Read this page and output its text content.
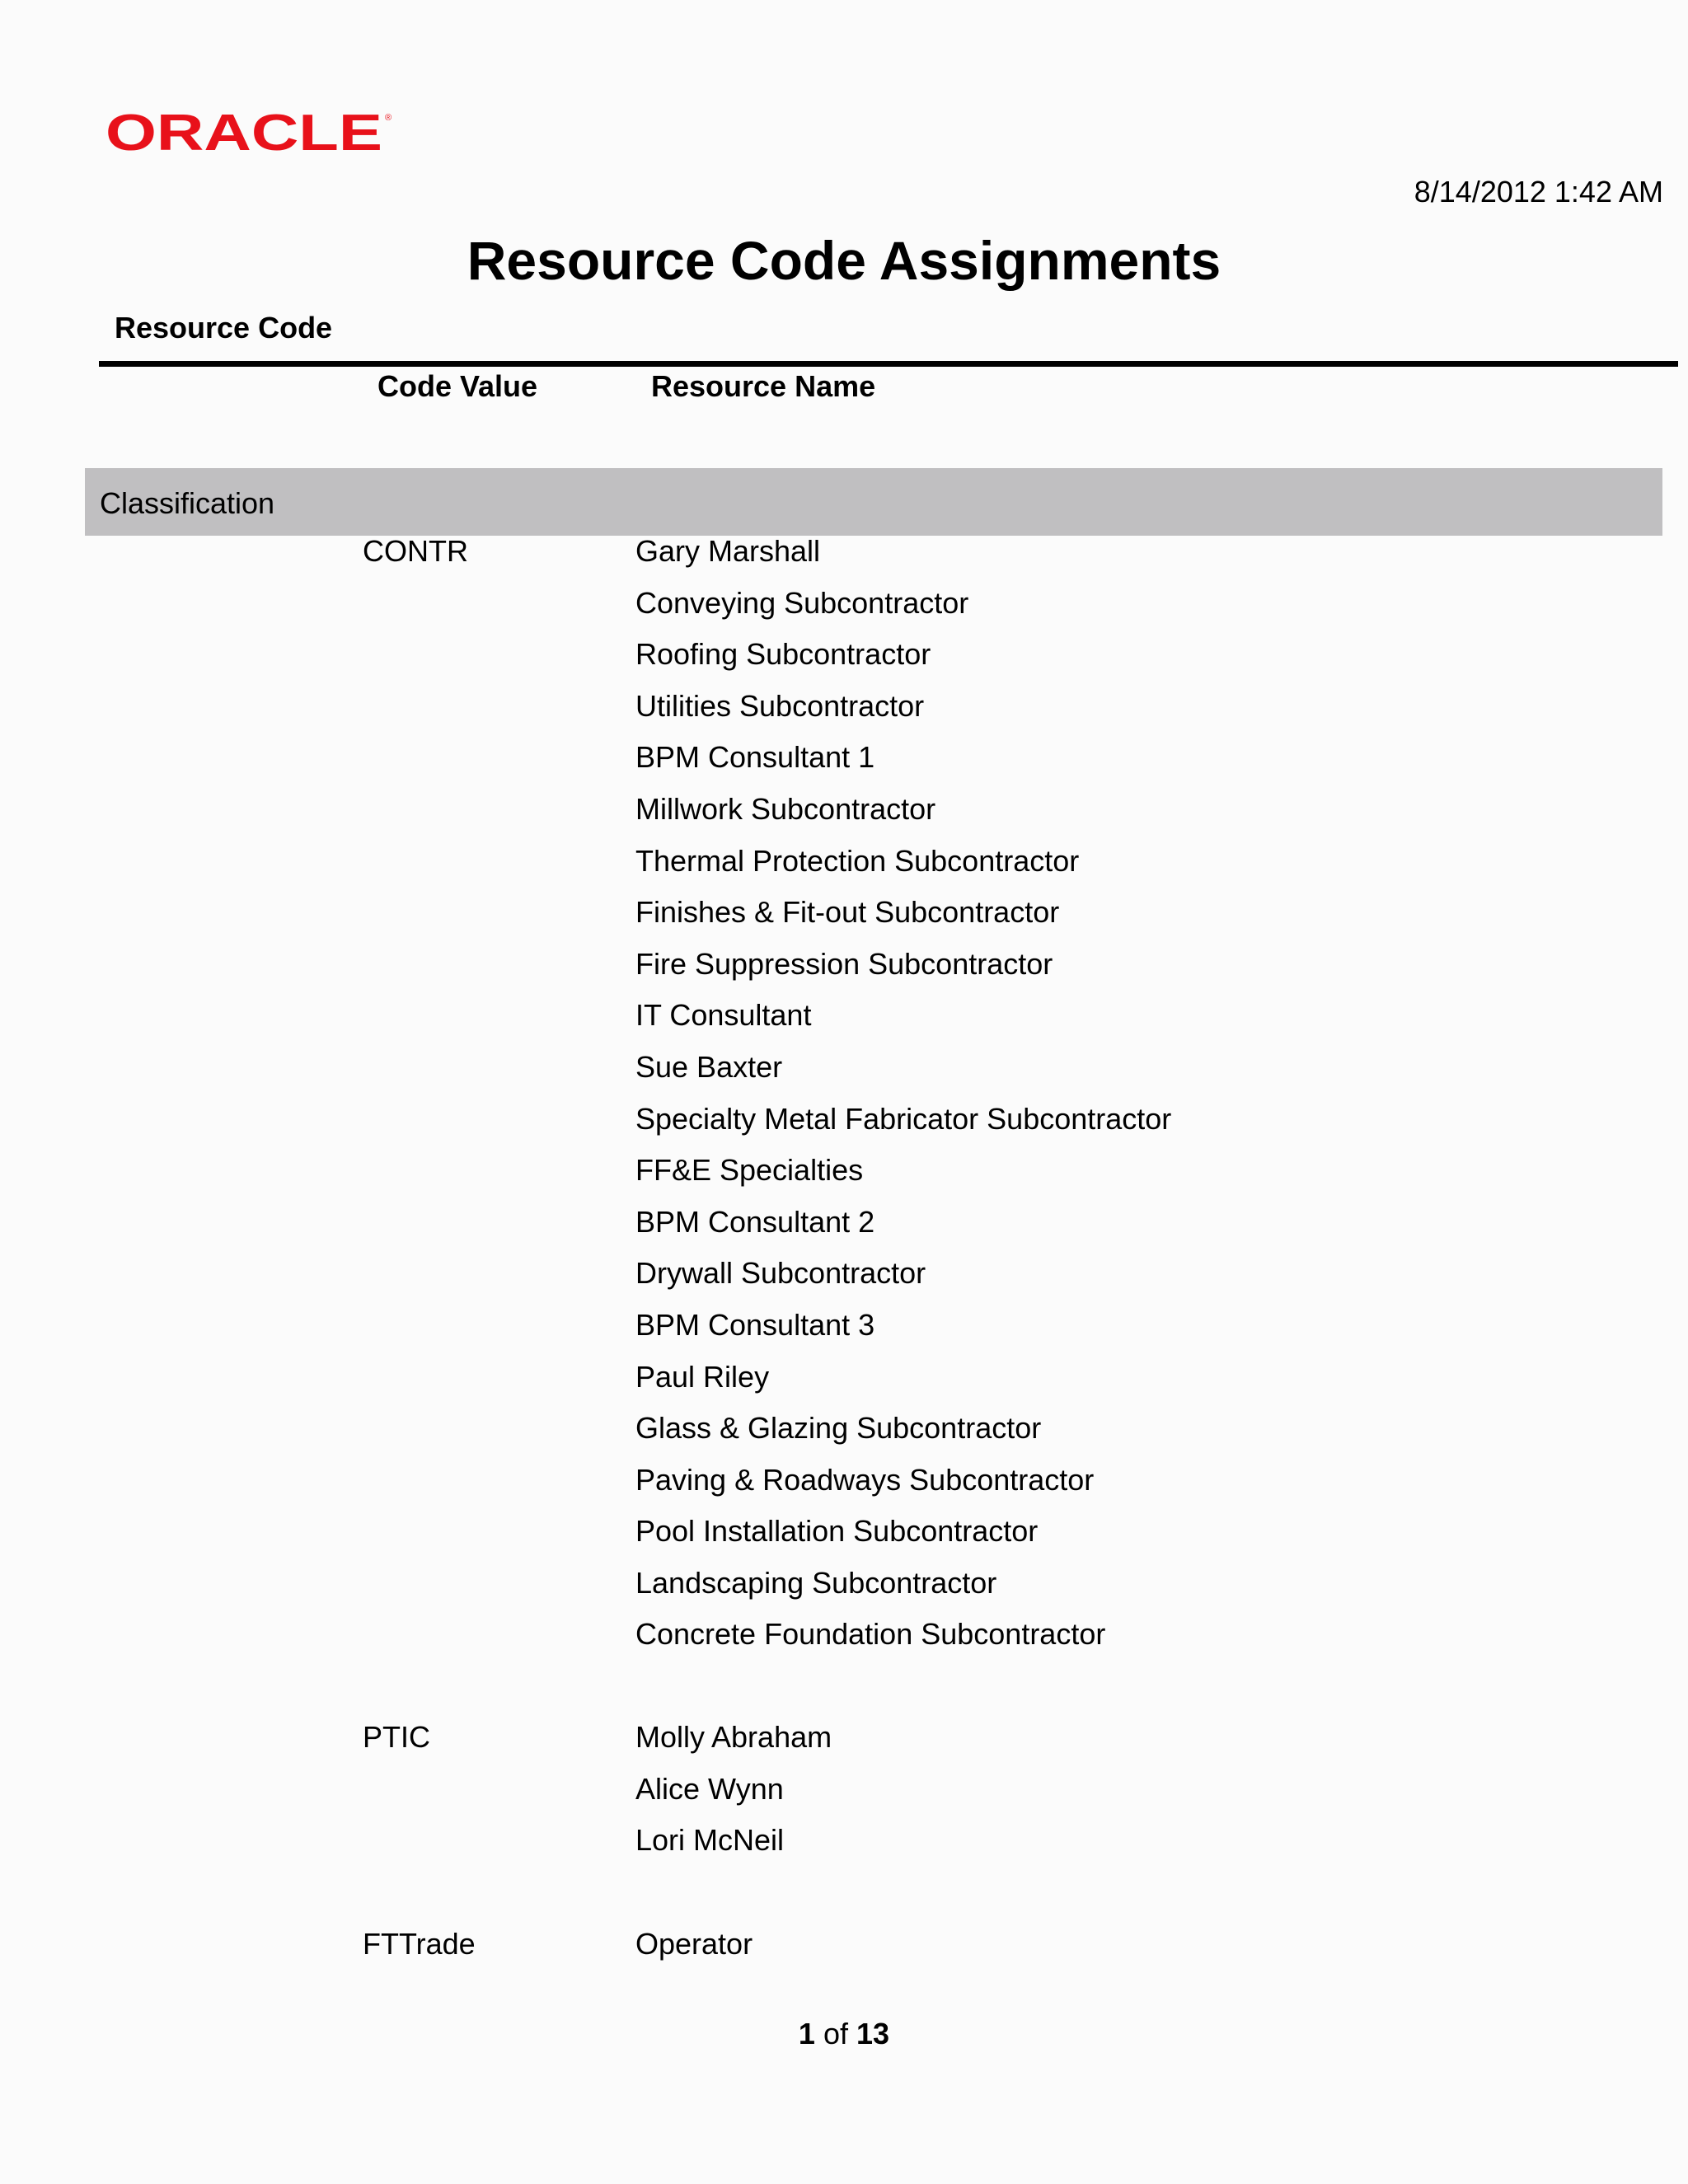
ORACLE ®
8/14/2012 1:42 AM
Resource Code Assignments
Resource Code
Code Value	Resource Name
Classification
CONTR	Gary Marshall
Conveying Subcontractor
Roofing Subcontractor
Utilities Subcontractor
BPM Consultant 1
Millwork Subcontractor
Thermal Protection Subcontractor
Finishes & Fit-out Subcontractor
Fire Suppression Subcontractor
IT Consultant
Sue Baxter
Specialty Metal Fabricator Subcontractor
FF&E Specialties
BPM Consultant 2
Drywall Subcontractor
BPM Consultant 3
Paul Riley
Glass & Glazing Subcontractor
Paving & Roadways Subcontractor
Pool Installation Subcontractor
Landscaping Subcontractor
Concrete Foundation Subcontractor
PTIC	Molly Abraham
Alice Wynn
Lori McNeil
FTTrade	Operator
1 of 13
